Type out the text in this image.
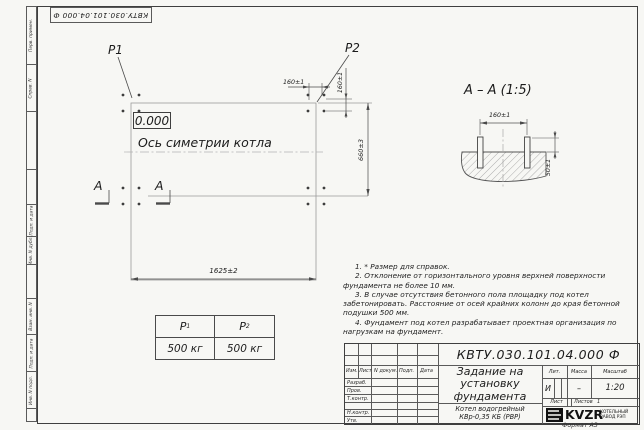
Перв. примен.
Справ. N
Подп. и дата
Инв. N дубл.
Взам. инв. N
Подп. и дата
Инв. N подл.
КВТУ.030.101.04.000 Ф
P1	P2
0.000
Ось симетрии котла
1625±2
660±3
160±1	160±1
А	А
А – А (1:5)
160±1
50±1

1. * Размер для справок.

2. Отклонение от горизонтального уровня верхней поверхности фундамента не более 10 мм.

3. В случае отсутствия бетонного пола площадку под котел забетонировать. Расстояние от осей крайних колонн до края бетонной подушки 500 мм.

4. Фундамент под котел разрабатывает проектная организация по нагрузкам на фундамент.

P 1	P 2
500 кг	500 кг	КВТУ.030.101.04.000 Ф
Изм. Лист N докум. Подп. Дата
Разраб.
Пров.
Т.контр.
Н.контр.
Утв.
Задание на
установку
фундамента
Котел водогрейный
КВр-0,35 КБ (РВР)
Лит.	Масса	Масштаб
И	–	1:20
Лист	Листов 1
KVZR
КОТЕЛЬНЫЙ
ЗАВОД РЭП
Формат А3
